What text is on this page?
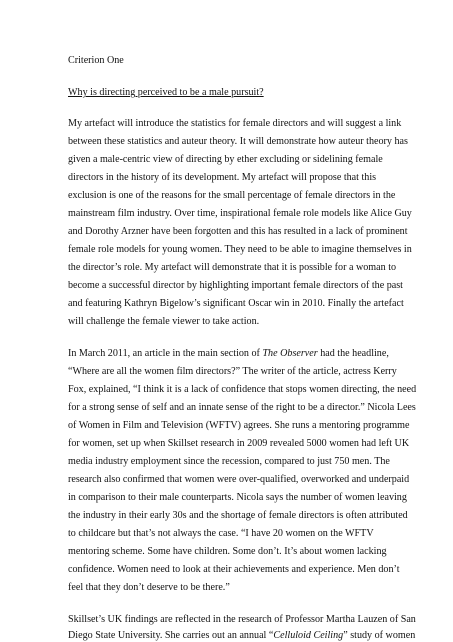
Criterion One
Why is directing perceived to be a male pursuit?
My artefact will introduce the statistics for female directors and will suggest a link
between these statistics and auteur theory. It will demonstrate how auteur theory has
given a male-centric view of directing by ether excluding or sidelining female
directors in the history of its development. My artefact will propose that this
exclusion is one of the reasons for the small percentage of female directors in the
mainstream film industry. Over time, inspirational female role models like Alice Guy
and Dorothy Arzner have been forgotten and this has resulted in a lack of prominent
female role models for young women. They need to be able to imagine themselves in
the director’s role. My artefact will demonstrate that it is possible for a woman to
become a successful director by highlighting important female directors of the past
and featuring Kathryn Bigelow’s significant Oscar win in 2010. Finally the artefact
will challenge the female viewer to take action.
In March 2011, an article in the main section of The Observer had the headline,
“Where are all the women film directors?” The writer of the article, actress Kerry
Fox, explained, “I think it is a lack of confidence that stops women directing, the need
for a strong sense of self and an innate sense of the right to be a director.” Nicola Lees
of Women in Film and Television (WFTV) agrees. She runs a mentoring programme
for women, set up when Skillset research in 2009 revealed 5000 women had left UK
media industry employment since the recession, compared to just 750 men. The
research also confirmed that women were over-qualified, overworked and underpaid
in comparison to their male counterparts. Nicola says the number of women leaving
the industry in their early 30s and the shortage of female directors is often attributed
to childcare but that’s not always the case. “I have 20 women on the WFTV
mentoring scheme. Some have children. Some don’t. It’s about women lacking
confidence. Women need to look at their achievements and experience. Men don’t
feel that they don’t deserve to be there.”
Skillset’s UK findings are reflected in the research of Professor Martha Lauzen of San
Diego State University. She carries out an annual “Celluloid Ceiling” study of women
